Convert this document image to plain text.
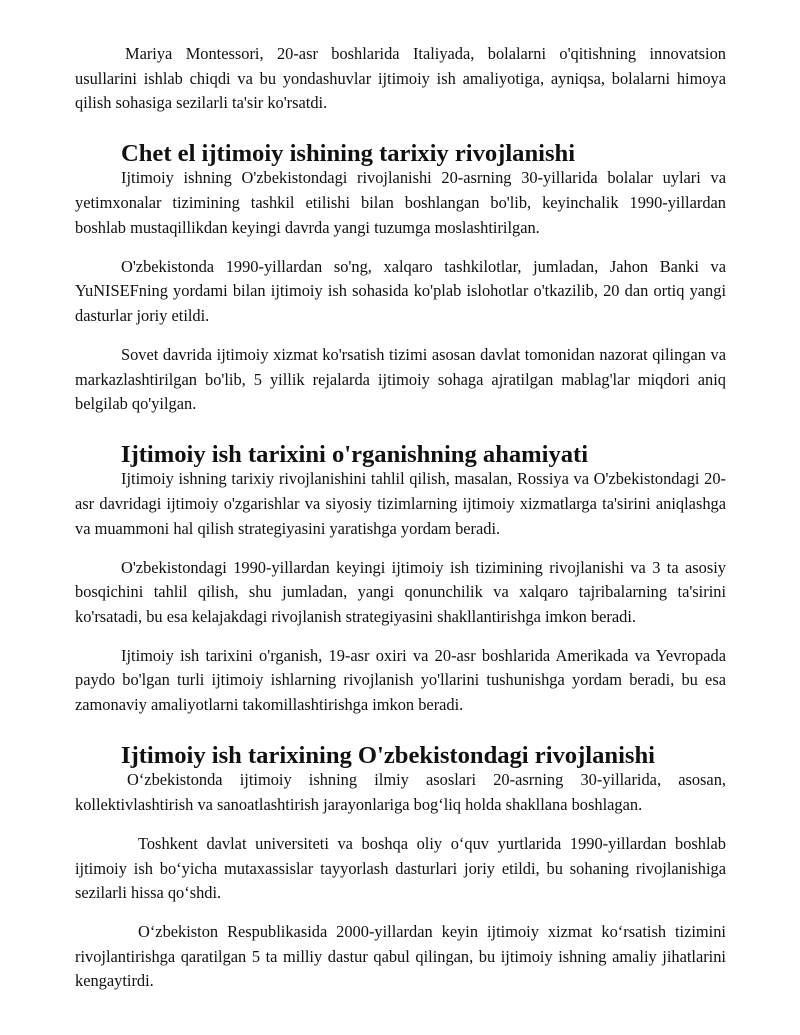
Mariya Montessori, 20-asr boshlarida Italiyada, bolalarni o'qitishning innovatsion usullarini ishlab chiqdi va bu yondashuvlar ijtimoiy ish amaliyotiga, ayniqsa, bolalarni himoya qilish sohasiga sezilarli ta'sir ko'rsatdi.

Chet el ijtimoiy ishining tarixiy rivojlanishi

Ijtimoiy ishning O'zbekistondagi rivojlanishi 20-asrning 30-yillarida bolalar uylari va yetimxonalar tizimining tashkil etilishi bilan boshlangan bo'lib, keyinchalik 1990-yillardan boshlab mustaqillikdan keyingi davrda yangi tuzumga moslashtirilgan.

O'zbekistonda 1990-yillardan so'ng, xalqaro tashkilotlar, jumladan, Jahon Banki va YuNISEFning yordami bilan ijtimoiy ish sohasida ko'plab islohotlar o'tkazilib, 20 dan ortiq yangi dasturlar joriy etildi.

Sovet davrida ijtimoiy xizmat ko'rsatish tizimi asosan davlat tomonidan nazorat qilingan va markazlashtirilgan bo'lib, 5 yillik rejalarda ijtimoiy sohaga ajratilgan mablag'lar miqdori aniq belgilab qo'yilgan.

Ijtimoiy ish tarixini o'rganishning ahamiyati

Ijtimoiy ishning tarixiy rivojlanishini tahlil qilish, masalan, Rossiya va O'zbekistondagi 20-asr davridagi ijtimoiy o'zgarishlar va siyosiy tizimlarning ijtimoiy xizmatlarga ta'sirini aniqlashga va muammoni hal qilish strategiyasini yaratishga yordam beradi.

O'zbekistondagi 1990-yillardan keyingi ijtimoiy ish tizimining rivojlanishi va 3 ta asosiy bosqichini tahlil qilish, shu jumladan, yangi qonunchilik va xalqaro tajribalarning ta'sirini ko'rsatadi, bu esa kelajakdagi rivojlanish strategiyasini shakllantirishga imkon beradi.

Ijtimoiy ish tarixini o'rganish, 19-asr oxiri va 20-asr boshlarida Amerikada va Yevropada paydo bo'lgan turli ijtimoiy ishlarning rivojlanish yo'llarini tushunishga yordam beradi, bu esa zamonaviy amaliyotlarni takomillashtirishga imkon beradi.

Ijtimoiy ish tarixining O'zbekistondagi rivojlanishi

O‘zbekistonda ijtimoiy ishning ilmiy asoslari 20-asrning 30-yillarida, asosan, kollektivlashtirish va sanoatlashtirish jarayonlariga bog‘liq holda shakllana boshlagan.

Toshkent davlat universiteti va boshqa oliy o‘quv yurtlarida 1990-yillardan boshlab ijtimoiy ish bo‘yicha mutaxassislar tayyorlash dasturlari joriy etildi, bu sohaning rivojlanishiga sezilarli hissa qo‘shdi.

O‘zbekiston Respublikasida 2000-yillardan keyin ijtimoiy xizmat ko‘rsatish tizimini rivojlantirishga qaratilgan 5 ta milliy dastur qabul qilingan, bu ijtimoiy ishning amaliy jihatlarini kengaytirdi.
